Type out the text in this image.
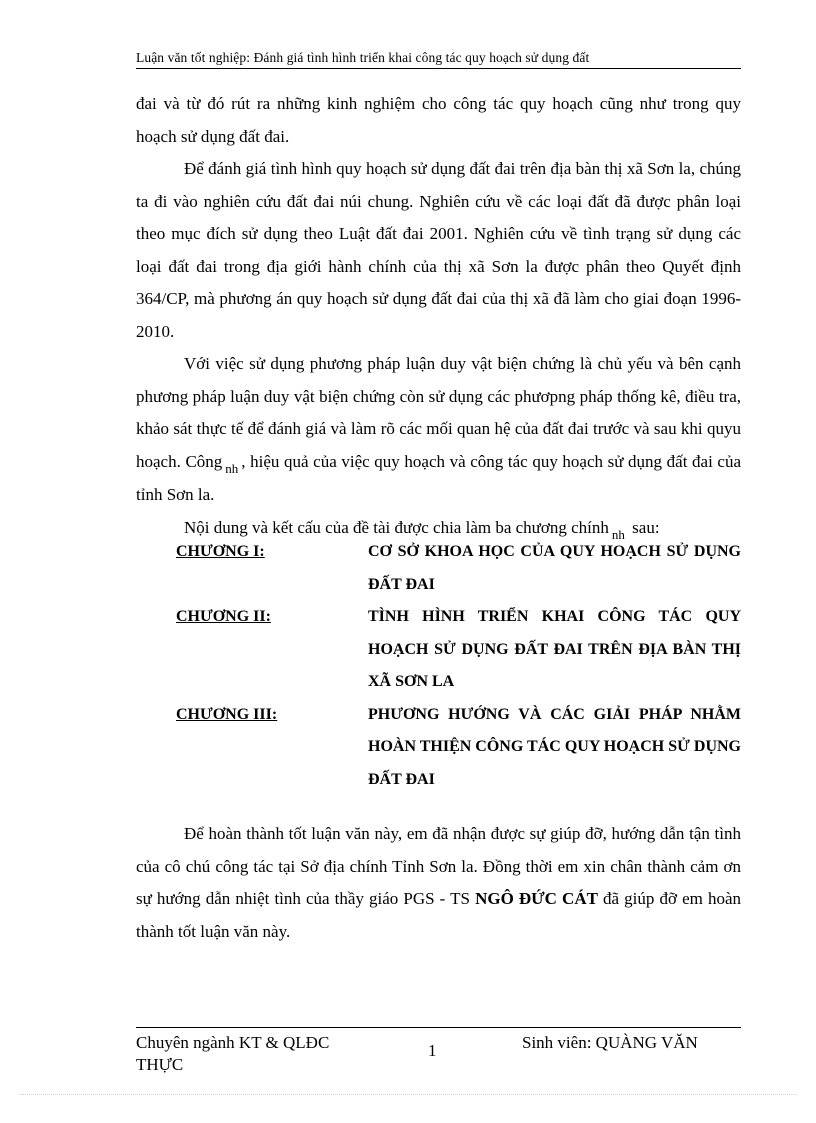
Luận văn tốt nghiệp: Đánh giá tình hình triển khai công tác quy hoạch sử dụng đất

đai và từ đó rút ra những kinh nghiệm cho công tác quy hoạch cũng như trong quy hoạch sử dụng đất đai.

Để đánh giá tình hình quy hoạch sử dụng đất đai trên địa bàn thị xã Sơn la, chúng ta đi vào nghiên cứu đất đai núi chung. Nghiên cứu về các loại đất đã được phân loại theo mục đích sử dụng theo Luật đất đai 2001. Nghiên cứu về tình trạng sử dụng các loại đất đai trong địa giới hành chính của thị xã Sơn la được phân theo Quyết định 364/CP, mà phương án quy hoạch sử dụng đất đai của thị xã đã làm cho giai đoạn 1996-2010.

Với việc sử dụng phương pháp luận duy vật biện chứng là chủ yếu và bên cạnh phương pháp luận duy vật biện chứng còn sử dụng các phươpng pháp thống kê, điều tra, khảo sát thực tế để đánh giá và làm rõ các mối quan hệ của đất đai trước và sau khi quyu hoạch. Công $_{nh}$ , hiệu quả của việc quy hoạch và công tác quy hoạch sử dụng đất đai của tỉnh Sơn la.

Nội dung và kết cấu của đề tài được chia làm ba chương chính $_{nh}$ sau:

CHƯƠNG I:	CƠ SỞ KHOA HỌC CỦA QUY HOẠCH SỬ DỤNG ĐẤT ĐAI
CHƯƠNG II:	TÌNH HÌNH TRIỂN KHAI CÔNG TÁC QUY HOẠCH SỬ DỤNG ĐẤT ĐAI TRÊN ĐỊA BÀN THỊ XÃ SƠN LA
CHƯƠNG III:	PHƯƠNG HƯỚNG VÀ CÁC GIẢI PHÁP NHẰM HOÀN THIỆN CÔNG TÁC QUY HOẠCH SỬ DỤNG ĐẤT ĐAI

Để hoàn thành tốt luận văn này, em đã nhận được sự giúp đỡ, hướng dẫn tận tình của cô chú công tác tại Sở địa chính Tỉnh Sơn la. Đồng thời em xin chân thành cảm ơn sự hướng dẫn nhiệt tình của thầy giáo PGS - TS NGÔ ĐỨC CÁT đã giúp đỡ em hoàn thành tốt luận văn này.

Chuyên ngành KT & QLĐC
THỰC
1	Sinh viên: QUÀNG VĂN
